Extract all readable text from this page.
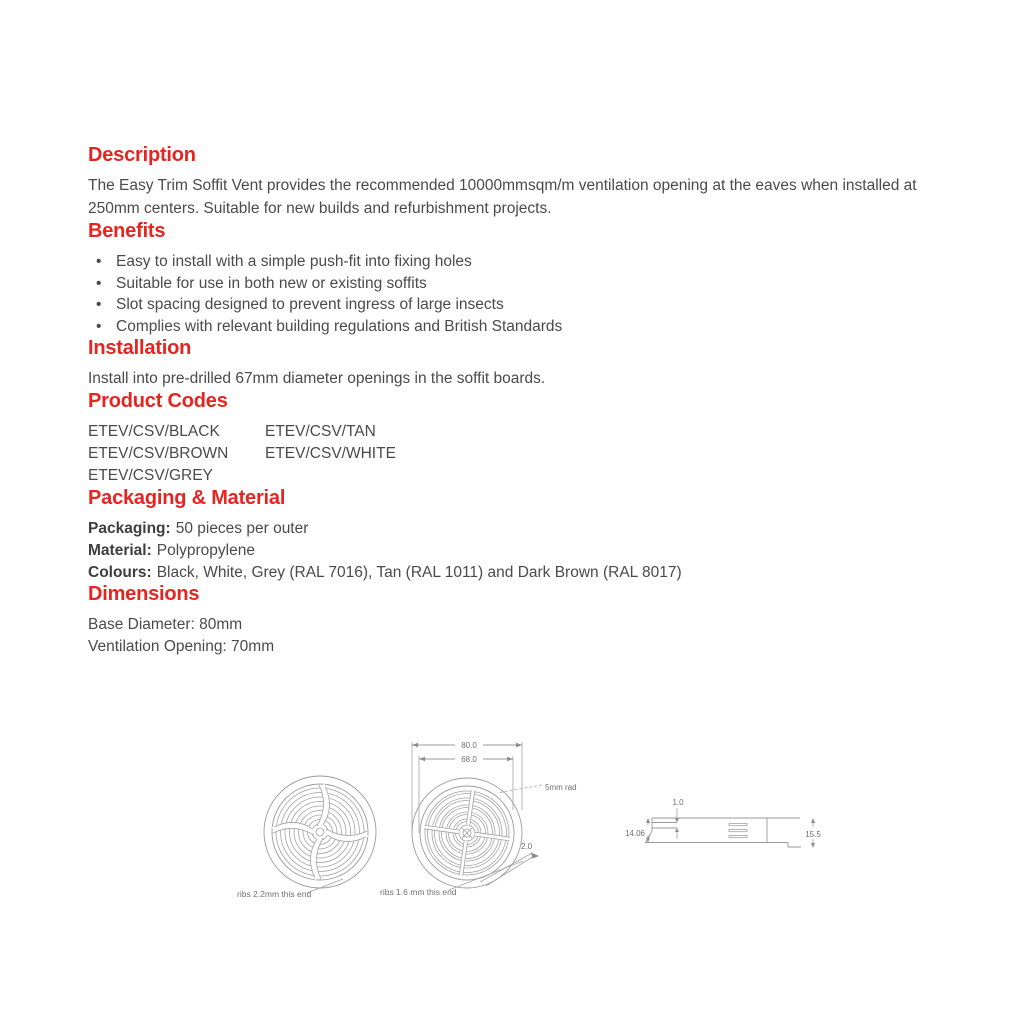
Description

The Easy Trim Soffit Vent provides the recommended 10000mmsqm/m ventilation opening at the eaves when installed at 250mm centers. Suitable for new builds and refurbishment projects.

Benefits
• Easy to install with a simple push-fit into fixing holes
• Suitable for use in both new or existing soffits
• Slot spacing designed to prevent ingress of large insects
• Complies with relevant building regulations and British Standards
Installation

Install into pre-drilled 67mm diameter openings in the soffit boards.

Product Codes
ETEV/CSV/BLACK	ETEV/CSV/TAN
ETEV/CSV/BROWN	ETEV/CSV/WHITE
ETEV/CSV/GREY
Packaging & Material
Packaging: 50 pieces per outer
Material: Polypropylene
Colours: Black, White, Grey (RAL 7016), Tan (RAL 1011) and Dark Brown (RAL 8017)
Dimensions
Base Diameter: 80mm
Ventilation Opening: 70mm
ribs 2.2mm this end
80.0
68.0
5mm rad
2.0
ribs 1.6 mm this end
1.0
14.06	15.5
